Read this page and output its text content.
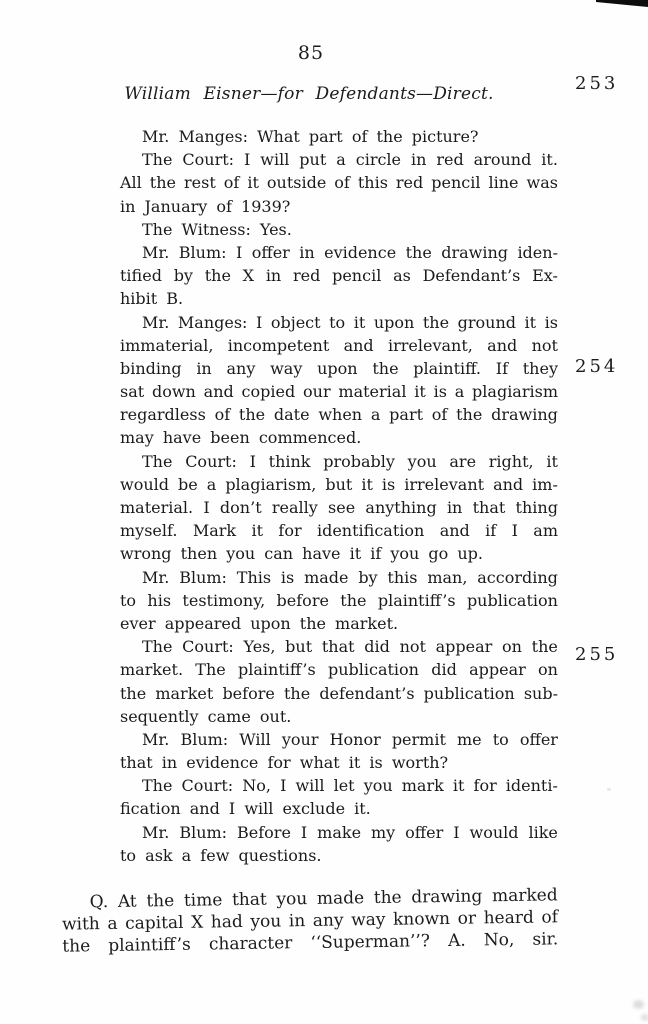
85
William Eisner—for Defendants—Direct.	253
254
255
Mr. Manges: What part of the picture?
The Court: I will put a circle in red around it.
All the rest of it outside of this red pencil line was
in January of 1939?
The Witness: Yes.
Mr. Blum: I offer in evidence the drawing iden-
tified by the X in red pencil as Defendant’s Ex-
hibit B.
Mr. Manges: I object to it upon the ground it is
immaterial, incompetent and irrelevant, and not
binding in any way upon the plaintiff. If they
sat down and copied our material it is a plagiarism
regardless of the date when a part of the drawing
may have been commenced.
The Court: I think probably you are right, it
would be a plagiarism, but it is irrelevant and im-
material. I don’t really see anything in that thing
myself. Mark it for identification and if I am
wrong then you can have it if you go up.
Mr. Blum: This is made by this man, according
to his testimony, before the plaintiff’s publication
ever appeared upon the market.
The Court: Yes, but that did not appear on the
market. The plaintiff’s publication did appear on
the market before the defendant’s publication sub-
sequently came out.
Mr. Blum: Will your Honor permit me to offer
that in evidence for what it is worth?
The Court: No, I will let you mark it for identi-
fication and I will exclude it.
Mr. Blum: Before I make my offer I would like
to ask a few questions.
Q. At the time that you made the drawing marked
with a capital X had you in any way known or heard of
the plaintiff’s character ‘‘Superman’’? A. No, sir.
